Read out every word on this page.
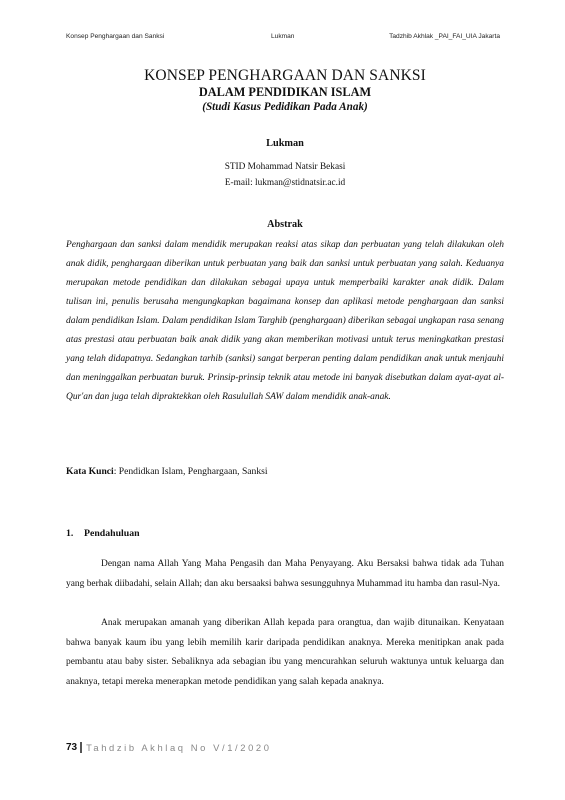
Konsep Penghargaan dan Sanksi	Lukman	Tadzhib Akhlak _PAI_FAI_UIA Jakarta
KONSEP PENGHARGAAN DAN SANKSI
DALAM PENDIDIKAN ISLAM
(Studi Kasus Pedidikan Pada Anak)
Lukman
STID Mohammad Natsir Bekasi
E-mail: lukman@stidnatsir.ac.id
Abstrak

Penghargaan dan sanksi dalam mendidik merupakan reaksi atas sikap dan perbuatan yang telah dilakukan oleh anak didik, penghargaan diberikan untuk perbuatan yang baik dan sanksi untuk perbuatan yang salah. Keduanya merupakan metode pendidikan dan dilakukan sebagai upaya untuk memperbaiki karakter anak didik. Dalam tulisan ini, penulis berusaha mengungkapkan bagaimana konsep dan aplikasi metode penghargaan dan sanksi dalam pendidikan Islam. Dalam pendidikan Islam Targhib (penghargaan) diberikan sebagai ungkapan rasa senang atas prestasi atau perbuatan baik anak didik yang akan memberikan motivasi untuk terus meningkatkan prestasi yang telah didapatnya. Sedangkan tarhib (sanksi) sangat berperan penting dalam pendidikan anak untuk menjauhi dan meninggalkan perbuatan buruk. Prinsip-prinsip teknik atau metode ini banyak disebutkan dalam ayat-ayat al-Qur'an dan juga telah dipraktekkan oleh Rasulullah SAW dalam mendidik anak-anak.

Kata Kunci: Pendidkan Islam, Penghargaan, Sanksi
1. Pendahuluan

Dengan nama Allah Yang Maha Pengasih dan Maha Penyayang. Aku Bersaksi bahwa tidak ada Tuhan yang berhak diibadahi, selain Allah; dan aku bersaaksi bahwa sesungguhnya Muhammad itu hamba dan rasul-Nya.

Anak merupakan amanah yang diberikan Allah kepada para orangtua, dan wajib ditunaikan. Kenyataan bahwa banyak kaum ibu yang lebih memilih karir daripada pendidikan anaknya. Mereka menitipkan anak pada pembantu atau baby sister. Sebaliknya ada sebagian ibu yang mencurahkan seluruh waktunya untuk keluarga dan anaknya, tetapi mereka menerapkan metode pendidikan yang salah kepada anaknya.

73 Tahdzib Akhlaq No V/1/2020
